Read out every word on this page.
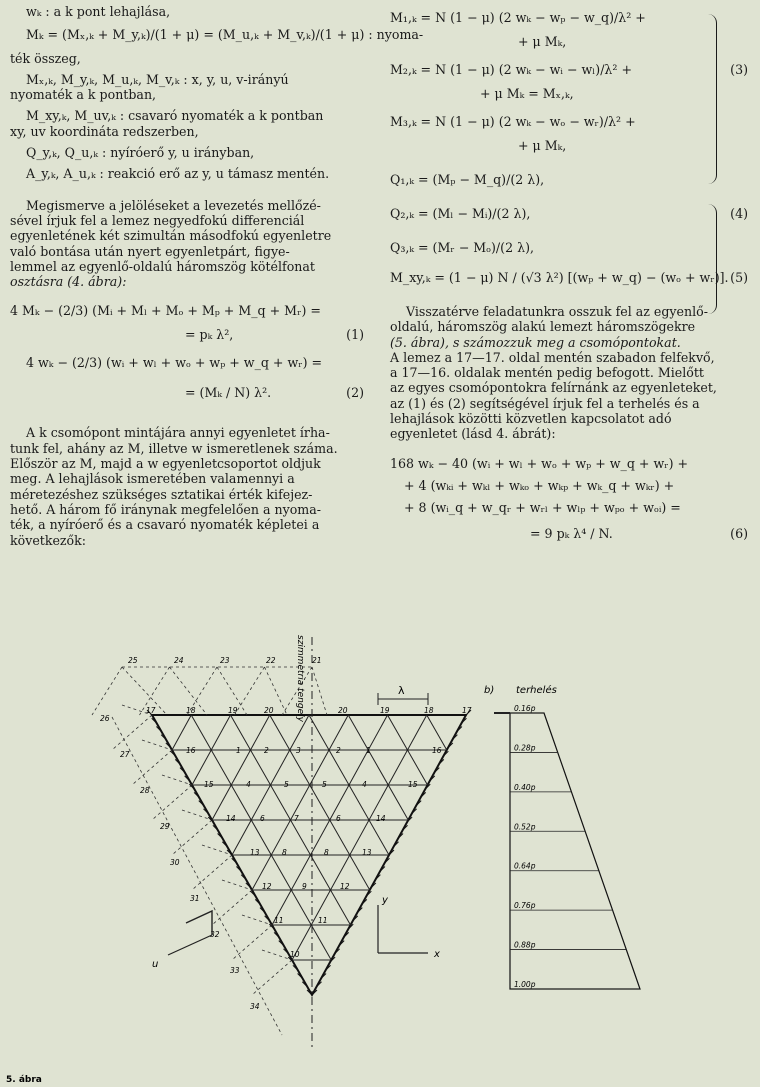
wₖ : a k pont lehajlása,
Mₖ = (Mₓ,ₖ + M_y,ₖ)/(1 + μ) = (M_u,ₖ + M_v,ₖ)/(1 + μ) : nyoma-
ték összeg,
Mₓ,ₖ, M_y,ₖ, M_u,ₖ, M_v,ₖ : x, y, u, v-irányú
nyomaték a k pontban,
M_xy,ₖ, M_uv,ₖ : csavaró nyomaték a k pontban
xy, uv koordináta redszerben,
Q_y,ₖ, Q_u,ₖ : nyíróerő y, u irányban,
A_y,ₖ, A_u,ₖ : reakció erő az y, u támasz mentén.
Megismerve a jelöléseket a levezetés mellőzé-
sével írjuk fel a lemez negyedfokú differenciál
egyenletének két szimultán másodfokú egyenletre
való bontása után nyert egyenletpárt, figye-
lemmel az egyenlő-oldalú háromszög kötélfonat
osztásra (4. ábra):
4 Mₖ − (2/3) (Mᵢ + Mₗ + Mₒ + Mₚ + M_q + Mᵣ) =
= pₖ λ²,	(1)
4 wₖ − (2/3) (wᵢ + wₗ + wₒ + wₚ + w_q + wᵣ) =
= (Mₖ / N) λ².	(2)
A k csomópont mintájára annyi egyenletet írha-
tunk fel, ahány az M, illetve w ismeretlenek száma.
Először az M, majd a w egyenletcsoportot oldjuk
meg. A lehajlások ismeretében valamennyi a
méretezéshez szükséges sztatikai érték kifejez-
hető. A három fő iránynak megfelelően a nyoma-
ték, a nyíróerő és a csavaró nyomaték képletei a
következők:
M₁,ₖ = N (1 − μ) (2 wₖ − wₚ − w_q)/λ² +
+ μ Mₖ,
M₂,ₖ = N (1 − μ) (2 wₖ − wᵢ − wₗ)/λ² +	(3)
+ μ Mₖ = Mₓ,ₖ,
M₃,ₖ = N (1 − μ) (2 wₖ − wₒ − wᵣ)/λ² +
+ μ Mₖ,
Q₁,ₖ = (Mₚ − M_q)/(2 λ),
Q₂,ₖ = (Mₗ − Mᵢ)/(2 λ),	(4)
Q₃,ₖ = (Mᵣ − Mₒ)/(2 λ),
M_xy,ₖ = (1 − μ) N / (√3 λ²) [(wₚ + w_q) − (wₒ + wᵣ)]. (5)
Visszatérve feladatunkra osszuk fel az egyenlő-
oldalú, háromszög alakú lemezt háromszögekre
(5. ábra), s számozzuk meg a csomópontokat.
A lemez a 17—17. oldal mentén szabadon felfekvő,
a 17—16. oldalak mentén pedig befogott. Mielőtt
az egyes csomópontokra felírnánk az egyenleteket,
az (1) és (2) segítségével írjuk fel a terhelés és a
lehajlások közötti közvetlen kapcsolatot adó
egyenletet (lásd 4. ábrát):
168 wₖ − 40 (wᵢ + wₗ + wₒ + wₚ + w_q + wᵣ) +
+ 4 (wₖᵢ + wₖₗ + wₖₒ + wₖₚ + wₖ_q + wₖᵣ) +
+ 8 (wᵢ_q + w_qᵣ + wᵣₗ + wₗₚ + wₚₒ + wₒᵢ) =
= 9 pₖ λ⁴ / N.	(6)
25	24	23	22	21
17	18	19	20	20	19	18	17
26
27
28
29
30
31
32
33
34
16	1	2	3	2	1	16
15	4	5	5	4	15
14	6	7	6	14
13	8	8	13
12	9	12
11	11
10
szimmetria tengely	λ
y
x
u
b) terhelés
0.16p
0.28p
0.40p
0.52p
0.64p
0.76p
0.88p
1.00p
5. ábra
